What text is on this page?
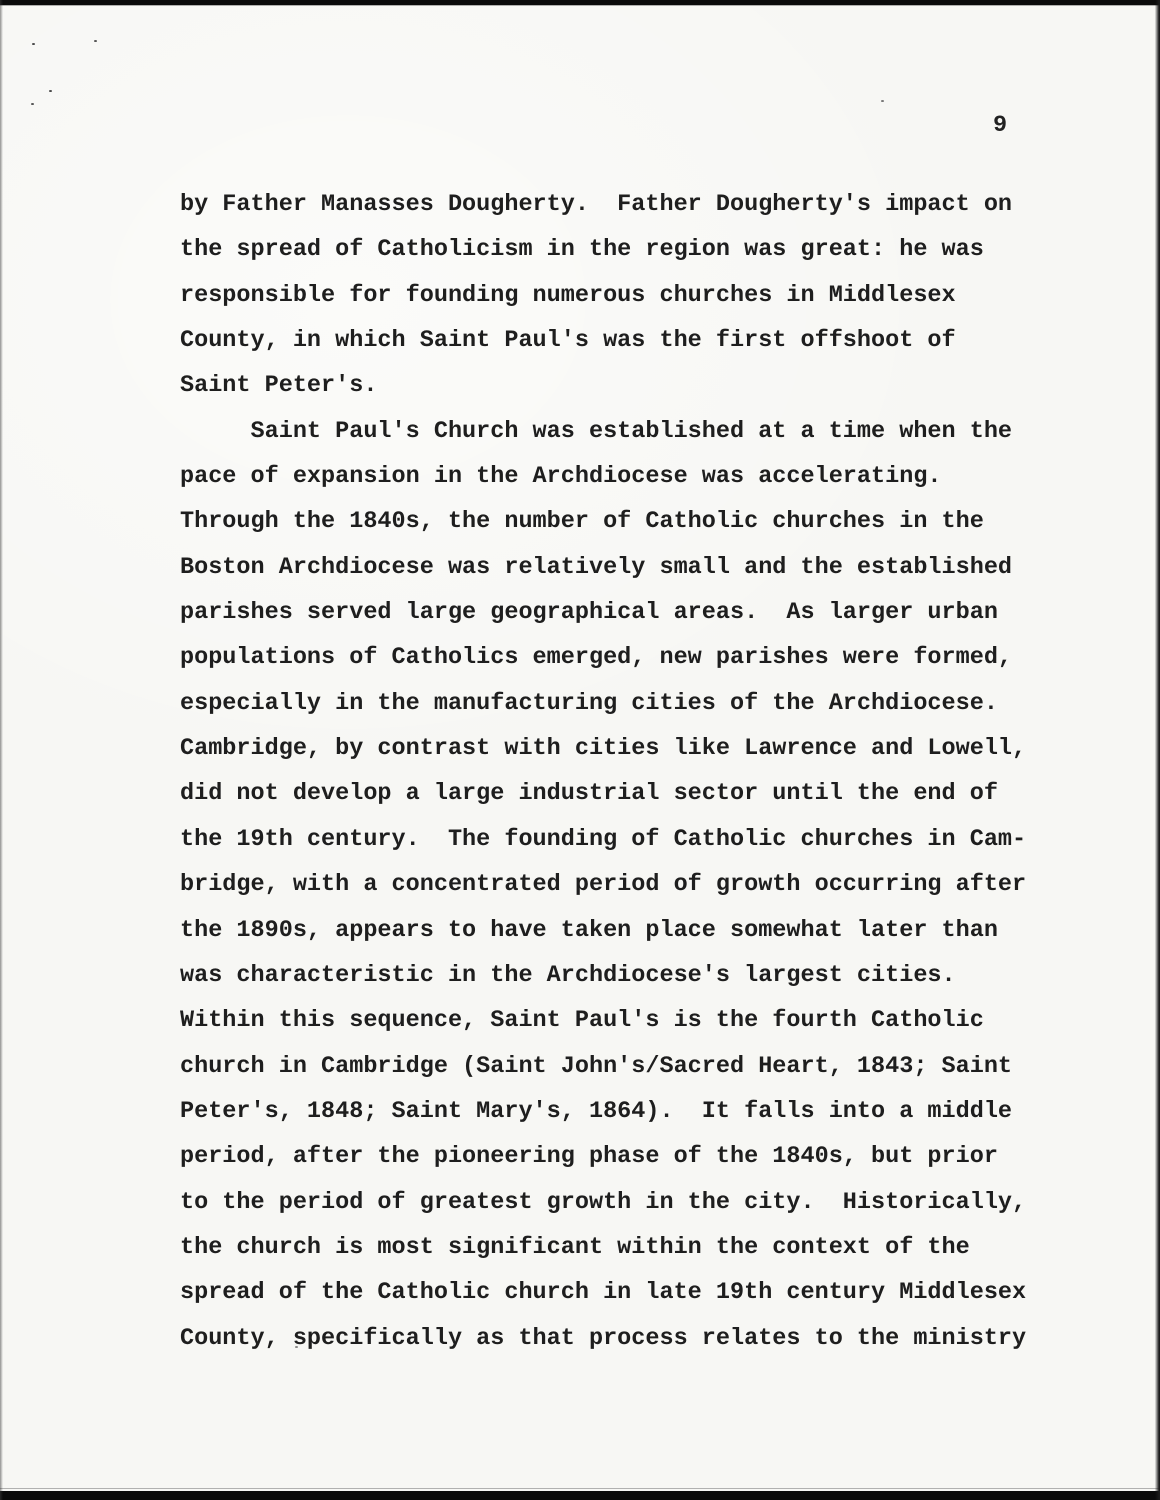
9
by Father Manasses Dougherty.  Father Dougherty's impact on
the spread of Catholicism in the region was great: he was
responsible for founding numerous churches in Middlesex
County, in which Saint Paul's was the first offshoot of
Saint Peter's.
Saint Paul's Church was established at a time when the
pace of expansion in the Archdiocese was accelerating.
Through the 1840s, the number of Catholic churches in the
Boston Archdiocese was relatively small and the established
parishes served large geographical areas.  As larger urban
populations of Catholics emerged, new parishes were formed,
especially in the manufacturing cities of the Archdiocese.
Cambridge, by contrast with cities like Lawrence and Lowell,
did not develop a large industrial sector until the end of
the 19th century.  The founding of Catholic churches in Cam-
bridge, with a concentrated period of growth occurring after
the 1890s, appears to have taken place somewhat later than
was characteristic in the Archdiocese's largest cities.
Within this sequence, Saint Paul's is the fourth Catholic
church in Cambridge (Saint John's/Sacred Heart, 1843; Saint
Peter's, 1848; Saint Mary's, 1864).  It falls into a middle
period, after the pioneering phase of the 1840s, but prior
to the period of greatest growth in the city.  Historically,
the church is most significant within the context of the
spread of the Catholic church in late 19th century Middlesex
County, specifically as that process relates to the ministry
